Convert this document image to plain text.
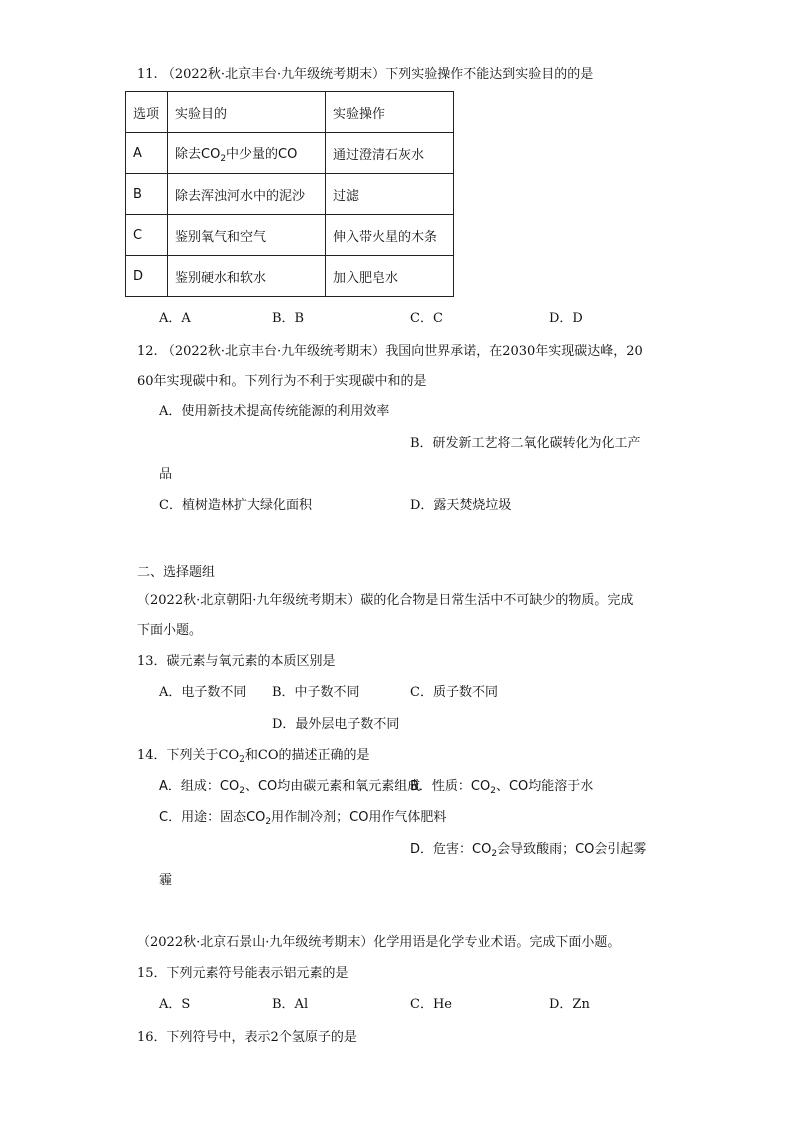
11. （2022秋·北京丰台·九年级统考期末）下列实验操作不能达到实验目的的是
选项	实验目的	实验操作
A	除去$CO_2$中少量的CO	通过澄清石灰水
B	除去浑浊河水中的泥沙	过滤
C	鉴别氧气和空气	伸入带火星的木条
D	鉴别硬水和软水	加入肥皂水
A．A	B．B	C．C	D．D
12. （2022秋·北京丰台·九年级统考期末）我国向世界承诺，在2030年实现碳达峰，20
60年实现碳中和。下列行为不利于实现碳中和的是
A．使用新技术提高传统能源的利用效率
B．研发新工艺将二氧化碳转化为化工产
品
C．植树造林扩大绿化面积	D．露天焚烧垃圾
二、选择题组
（2022秋·北京朝阳·九年级统考期末）碳的化合物是日常生活中不可缺少的物质。完成
下面小题。
13．碳元素与氧元素的本质区别是
A．电子数不同 B．中子数不同	C．质子数不同
D．最外层电子数不同
14．下列关于$CO_2$和CO的描述正确的是
A．组成：$CO_2$、CO均由碳元素和氧元素组成
B．性质：$CO_2$、CO均能溶于水
C．用途：固态$CO_2$用作制冷剂；CO用作气体肥料
D．危害：$CO_2$会导致酸雨；CO会引起雾
霾
（2022秋·北京石景山·九年级统考期末）化学用语是化学专业术语。完成下面小题。
15．下列元素符号能表示铝元素的是
A．S	B．Al	C．He	D．Zn
16．下列符号中，表示2个氢原子的是
